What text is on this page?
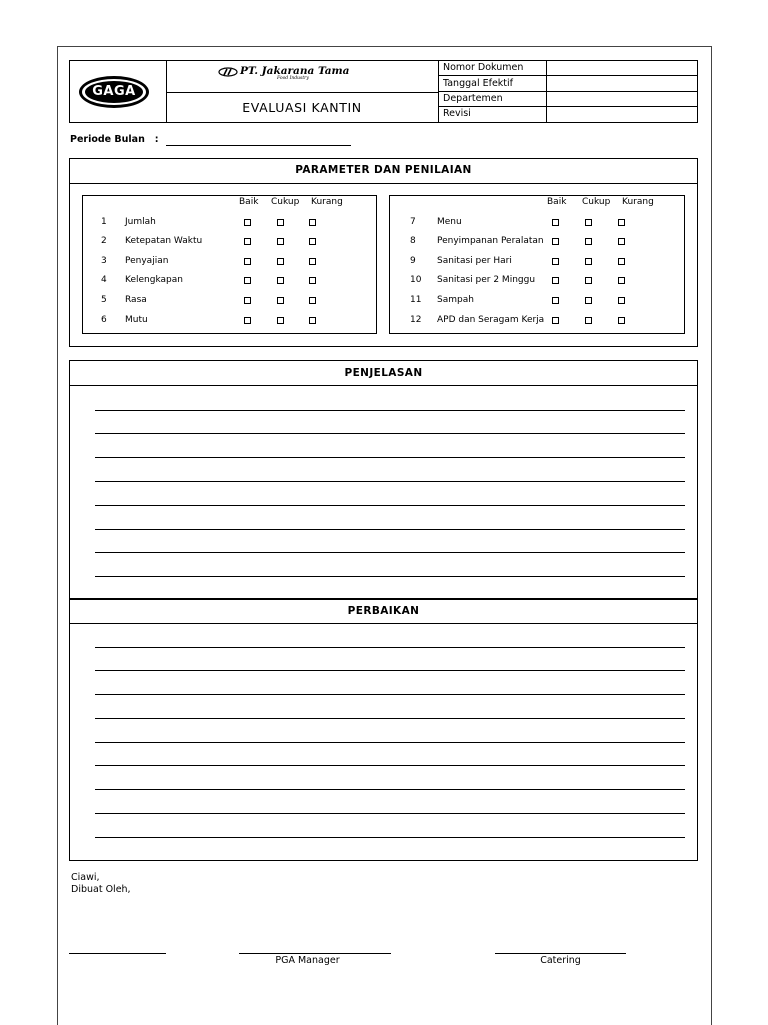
GAGA
PT. Jakarana Tama
Food Industry
EVALUASI KANTIN
Nomor Dokumen
Tanggal Efektif
Departemen
Revisi
Periode Bulan :
PARAMETER DAN PENILAIAN
Baik Cukup Kurang
1 Jumlah
2 Ketepatan Waktu
3 Penyajian
4 Kelengkapan
5 Rasa
6 Mutu
Baik Cukup Kurang
7 Menu
8 Penyimpanan Peralatan
9 Sanitasi per Hari
10 Sanitasi per 2 Minggu
11 Sampah
12 APD dan Seragam Kerja
PENJELASAN
PERBAIKAN
Ciawi,
Dibuat Oleh,
PGA Manager	Catering
